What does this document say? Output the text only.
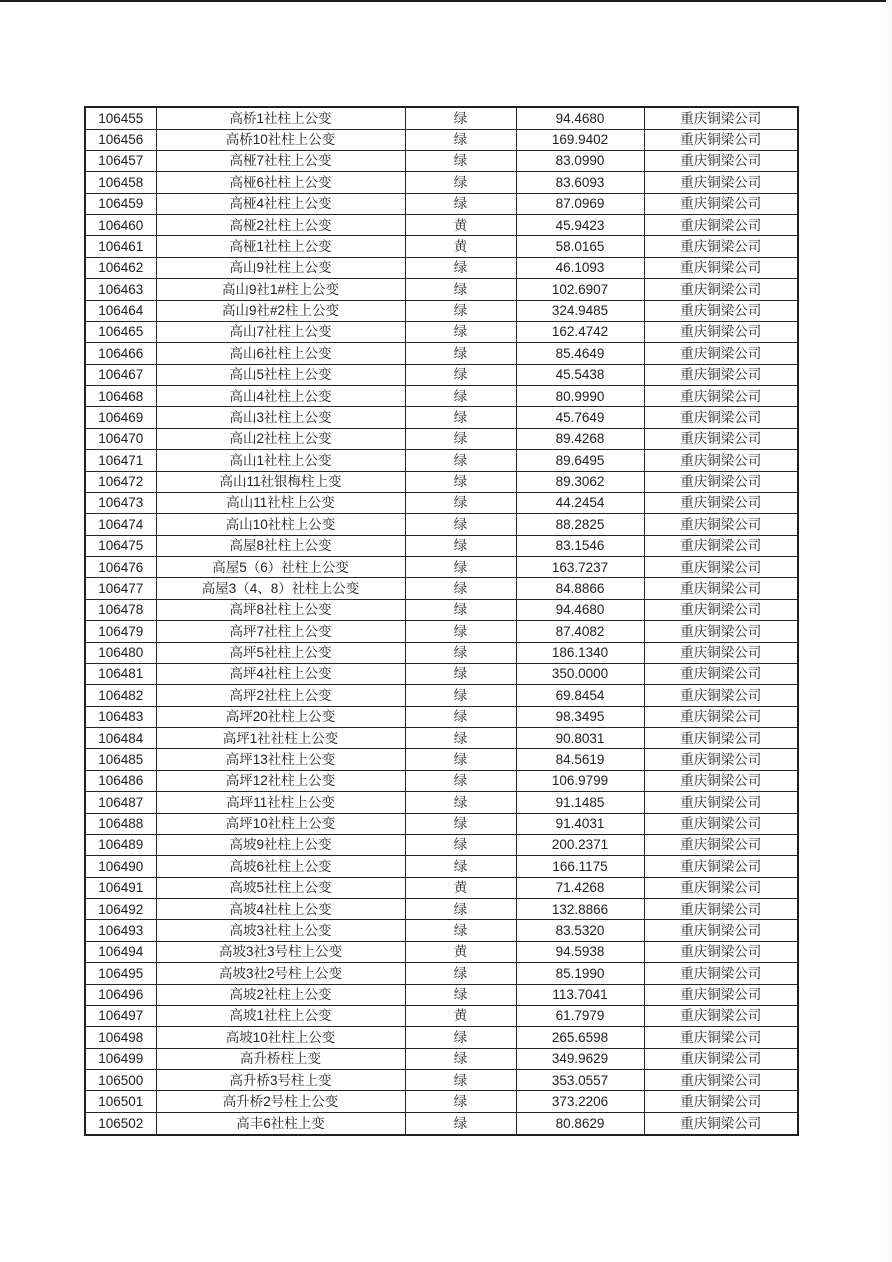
106455	高桥1社柱上公变	绿	94.4680	重庆铜梁公司
106456	高桥10社柱上公变	绿	169.9402	重庆铜梁公司
106457	高桠7社柱上公变	绿	83.0990	重庆铜梁公司
106458	高桠6社柱上公变	绿	83.6093	重庆铜梁公司
106459	高桠4社柱上公变	绿	87.0969	重庆铜梁公司
106460	高桠2社柱上公变	黄	45.9423	重庆铜梁公司
106461	高桠1社柱上公变	黄	58.0165	重庆铜梁公司
106462	高山9社柱上公变	绿	46.1093	重庆铜梁公司
106463	高山9社1#柱上公变	绿	102.6907	重庆铜梁公司
106464	高山9社#2柱上公变	绿	324.9485	重庆铜梁公司
106465	高山7社柱上公变	绿	162.4742	重庆铜梁公司
106466	高山6社柱上公变	绿	85.4649	重庆铜梁公司
106467	高山5社柱上公变	绿	45.5438	重庆铜梁公司
106468	高山4社柱上公变	绿	80.9990	重庆铜梁公司
106469	高山3社柱上公变	绿	45.7649	重庆铜梁公司
106470	高山2社柱上公变	绿	89.4268	重庆铜梁公司
106471	高山1社柱上公变	绿	89.6495	重庆铜梁公司
106472	高山11社银梅柱上变	绿	89.3062	重庆铜梁公司
106473	高山11社柱上公变	绿	44.2454	重庆铜梁公司
106474	高山10社柱上公变	绿	88.2825	重庆铜梁公司
106475	高屋8社柱上公变	绿	83.1546	重庆铜梁公司
106476	高屋5（6）社柱上公变	绿	163.7237	重庆铜梁公司
106477	高屋3（4、8）社柱上公变	绿	84.8866	重庆铜梁公司
106478	高坪8社柱上公变	绿	94.4680	重庆铜梁公司
106479	高坪7社柱上公变	绿	87.4082	重庆铜梁公司
106480	高坪5社柱上公变	绿	186.1340	重庆铜梁公司
106481	高坪4社柱上公变	绿	350.0000	重庆铜梁公司
106482	高坪2社柱上公变	绿	69.8454	重庆铜梁公司
106483	高坪20社柱上公变	绿	98.3495	重庆铜梁公司
106484	高坪1社社柱上公变	绿	90.8031	重庆铜梁公司
106485	高坪13社柱上公变	绿	84.5619	重庆铜梁公司
106486	高坪12社柱上公变	绿	106.9799	重庆铜梁公司
106487	高坪11社柱上公变	绿	91.1485	重庆铜梁公司
106488	高坪10社柱上公变	绿	91.4031	重庆铜梁公司
106489	高坡9社柱上公变	绿	200.2371	重庆铜梁公司
106490	高坡6社柱上公变	绿	166.1175	重庆铜梁公司
106491	高坡5社柱上公变	黄	71.4268	重庆铜梁公司
106492	高坡4社柱上公变	绿	132.8866	重庆铜梁公司
106493	高坡3社柱上公变	绿	83.5320	重庆铜梁公司
106494	高坡3社3号柱上公变	黄	94.5938	重庆铜梁公司
106495	高坡3社2号柱上公变	绿	85.1990	重庆铜梁公司
106496	高坡2社柱上公变	绿	113.7041	重庆铜梁公司
106497	高坡1社柱上公变	黄	61.7979	重庆铜梁公司
106498	高坡10社柱上公变	绿	265.6598	重庆铜梁公司
106499	高升桥柱上变	绿	349.9629	重庆铜梁公司
106500	高升桥3号柱上变	绿	353.0557	重庆铜梁公司
106501	高升桥2号柱上公变	绿	373.2206	重庆铜梁公司
106502	高丰6社柱上变	绿	80.8629	重庆铜梁公司
